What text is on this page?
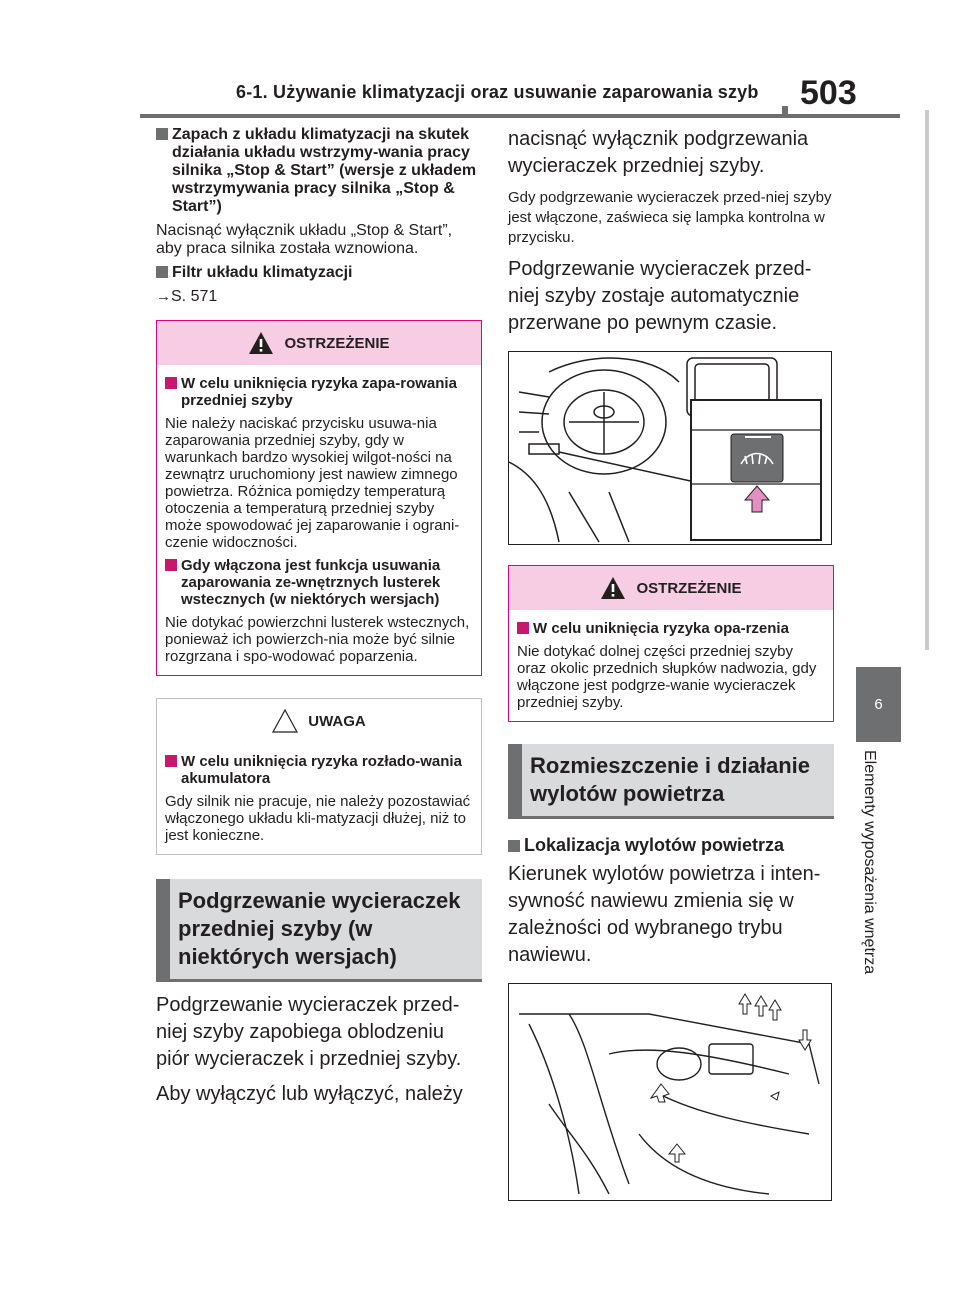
6-1. Używanie klimatyzacji oraz usuwanie zaparowania szyb 503
6
Elementy wyposażenia wnętrza
Zapach z układu klimatyzacji na skutek działania układu wstrzymy-wania pracy silnika „Stop & Start” (wersje z układem wstrzymywania pracy silnika „Stop & Start”)
Nacisnąć wyłącznik układu „Stop & Start”, aby praca silnika została wznowiona.
Filtr układu klimatyzacji
→S. 571
OSTRZEŻENIE
W celu uniknięcia ryzyka zapa-rowania przedniej szyby
Nie należy naciskać przycisku usuwa-nia zaparowania przedniej szyby, gdy w warunkach bardzo wysokiej wilgot-ności na zewnątrz uruchomiony jest nawiew zimnego powietrza. Różnica pomiędzy temperaturą otoczenia a temperaturą przedniej szyby może spowodować jej zaparowanie i ograni-czenie widoczności.
Gdy włączona jest funkcja usuwania zaparowania ze-wnętrznych lusterek wstecznych (w niektórych wersjach)
Nie dotykać powierzchni lusterek wstecznych, ponieważ ich powierzch-nia może być silnie rozgrzana i spo-wodować poparzenia.
UWAGA
W celu uniknięcia ryzyka rozłado-wania akumulatora
Gdy silnik nie pracuje, nie należy pozostawiać włączonego układu kli-matyzacji dłużej, niż to jest konieczne.
Podgrzewanie wycieraczek przedniej szyby (w niektórych wersjach)
Podgrzewanie wycieraczek przed-niej szyby zapobiega oblodzeniu piór wycieraczek i przedniej szyby.
Aby wyłączyć lub wyłączyć, należy
nacisnąć wyłącznik podgrzewania wycieraczek przedniej szyby.
Gdy podgrzewanie wycieraczek przed-niej szyby jest włączone, zaświeca się lampka kontrolna w przycisku.
Podgrzewanie wycieraczek przed-niej szyby zostaje automatycznie przerwane po pewnym czasie.
OSTRZEŻENIE
W celu uniknięcia ryzyka opa-rzenia
Nie dotykać dolnej części przedniej szyby oraz okolic przednich słupków nadwozia, gdy włączone jest podgrze-wanie wycieraczek przedniej szyby.
Rozmieszczenie i działanie wylotów powietrza
Lokalizacja wylotów powietrza
Kierunek wylotów powietrza i inten-sywność nawiewu zmienia się w zależności od wybranego trybu nawiewu.
